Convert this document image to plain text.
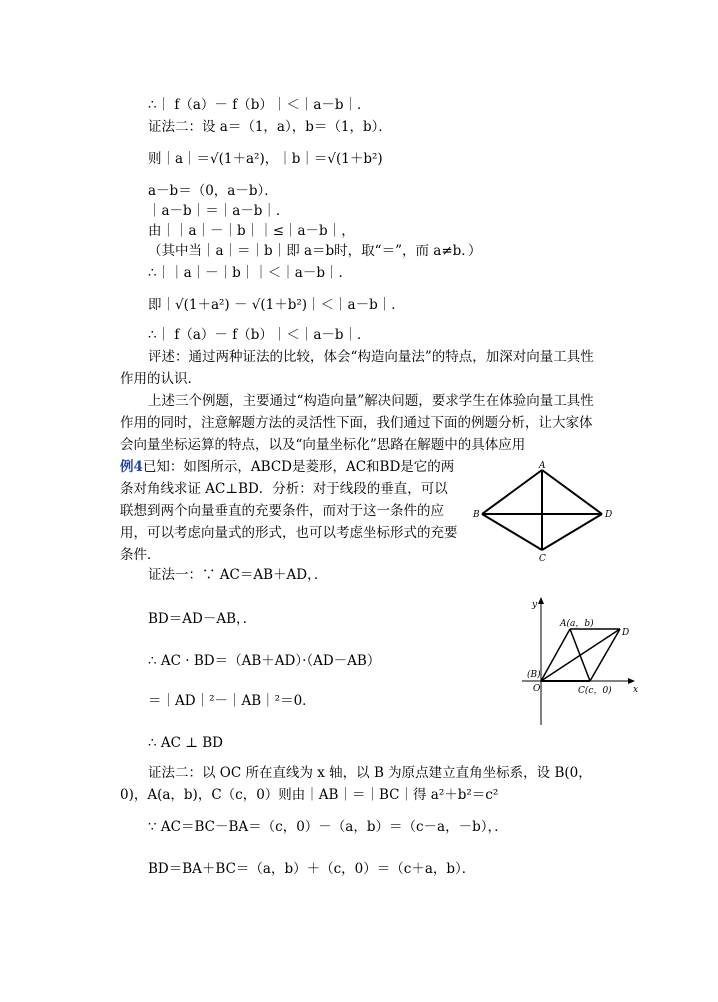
∴｜ f（a）－ f（b）｜＜｜a－b｜．
证法二：设 a＝（1，a），b＝（1，b）．
则｜a｜＝√(1＋a²)，｜b｜＝√(1＋b²)
a－b＝（0，a－b）．
｜a－b｜＝｜a－b｜．
由｜｜a｜－｜b｜｜≤｜a－b｜，
（其中当｜a｜＝｜b｜即 a＝b时，取“＝”，而 a≠b．）
∴｜｜a｜－｜b｜｜＜｜a－b｜．
即｜√(1＋a²) － √(1＋b²)｜＜｜a－b｜．
∴｜ f（a）－ f（b）｜＜｜a－b｜．
评述：通过两种证法的比较，体会“构造向量法”的特点，加深对向量工具性作用的认识．
上述三个例题，主要通过“构造向量”解决问题，要求学生在体验向量工具性作用的同时，注意解题方法的灵活性下面，我们通过下面的例题分析，让大家体会向量坐标运算的特点，以及“向量坐标化”思路在解题中的具体应用
例4已知：如图所示，ABCD是菱形，AC和BD是它的两条对角线求证 AC⊥BD．分析：对于线段的垂直，可以联想到两个向量垂直的充要条件，而对于这一条件的应用，可以考虑向量式的形式，也可以考虑坐标形式的充要条件．
A
B	D
C
证法一：∵ AC＝AB＋AD，．
BD＝AD－AB，．
∴ AC · BD＝（AB＋AD）·（AD－AB）
＝｜AD｜²－｜AB｜²＝0．
∴ AC ⊥ BD
y
x
O
(B)
A(a，b)
D
C(c，0)
证法二：以 OC 所在直线为 x 轴，以 B 为原点建立直角坐标系，设 B(0，0)，A(a，b)，C（c，0）则由｜AB｜＝｜BC｜得 a²＋b²＝c²
∵ AC＝BC－BA＝（c，0）－（a，b）＝（c－a，－b），．
BD＝BA＋BC＝（a，b）＋（c，0）＝（c＋a，b）．
